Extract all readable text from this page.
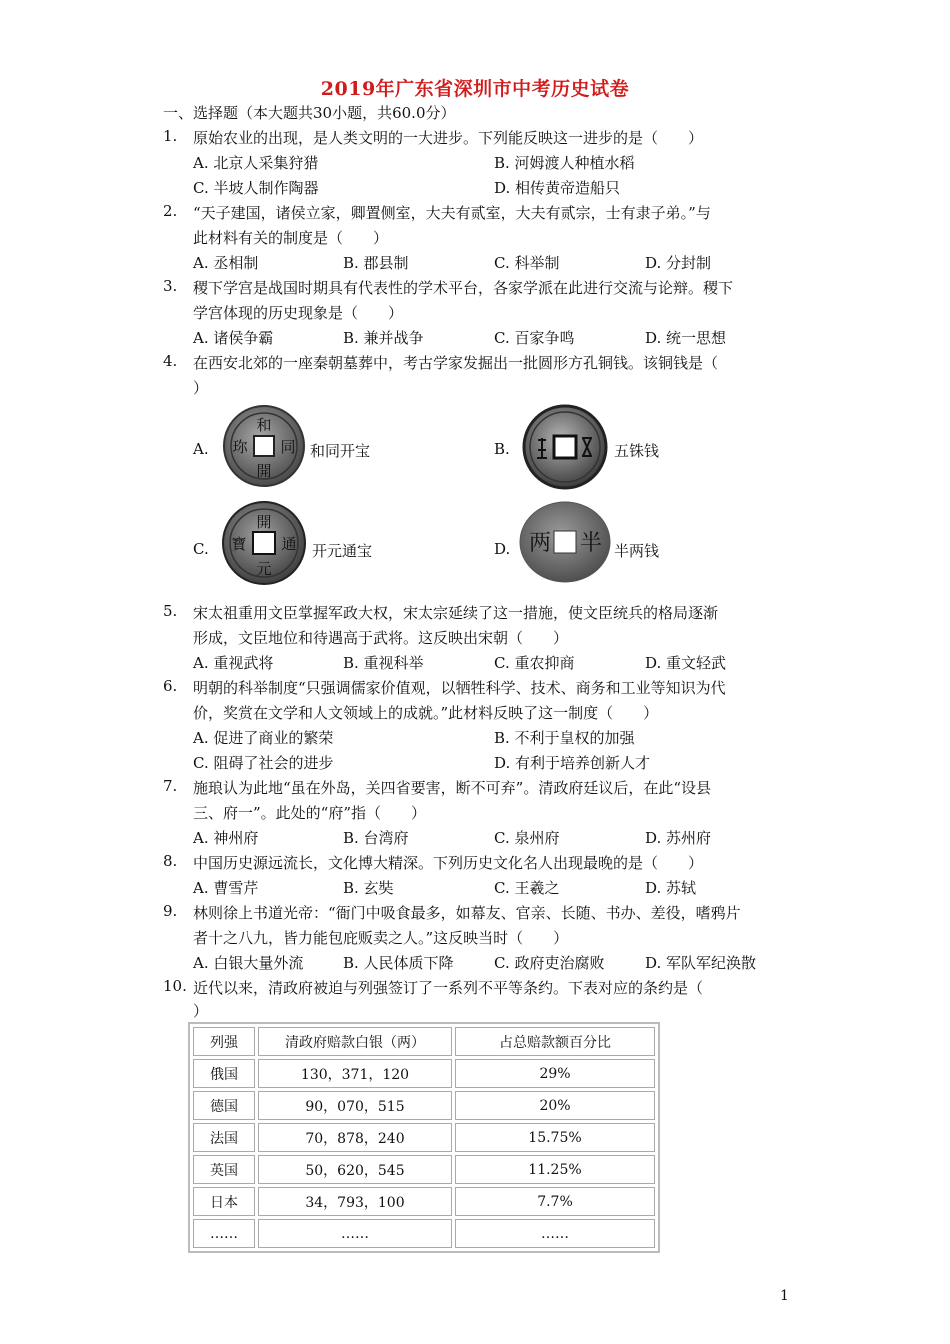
2019年广东省深圳市中考历史试卷
一、选择题（本大题共30小题，共60.0分）
1. 原始农业的出现，是人类文明的一大进步。下列能反映这一进步的是（　　）
A. 北京人采集狩猎	B. 河姆渡人种植水稻
C. 半坡人制作陶器	D. 相传黄帝造船只
2. “天子建国，诸侯立家，卿置侧室，大夫有贰室，大夫有贰宗，士有隶子弟。”与
此材料有关的制度是（　　）
A. 丞相制	B. 郡县制	C. 科举制	D. 分封制
3. 稷下学宫是战国时期具有代表性的学术平台，各家学派在此进行交流与论辩。稷下
学宫体现的历史现象是（　　）
A. 诸侯争霸	B. 兼并战争	C. 百家争鸣	D. 统一思想
4. 在西安北郊的一座秦朝墓葬中，考古学家发掘出一批圆形方孔铜钱。该铜钱是（
）
A.
和
同
開
珎	和同开宝	B.	五铢钱
C.
開
通
元
寶	开元通宝	D. 两 半 半两钱
5. 宋太祖重用文臣掌握军政大权，宋太宗延续了这一措施，使文臣统兵的格局逐渐
形成，文臣地位和待遇高于武将。这反映出宋朝（　　）
A. 重视武将	B. 重视科举	C. 重农抑商	D. 重文轻武
6. 明朝的科举制度“只强调儒家价值观，以牺牲科学、技术、商务和工业等知识为代
价，奖赏在文学和人文领域上的成就。”此材料反映了这一制度（　　）
A. 促进了商业的繁荣	B. 不利于皇权的加强
C. 阻碍了社会的进步	D. 有利于培养创新人才
7. 施琅认为此地“虽在外岛，关四省要害，断不可弃”。清政府廷议后，在此“设县
三、府一”。此处的“府”指（　　）
A. 神州府	B. 台湾府	C. 泉州府	D. 苏州府
8. 中国历史源远流长，文化博大精深。下列历史文化名人出现最晚的是（　　）
A. 曹雪芹	B. 玄奘	C. 王羲之	D. 苏轼
9. 林则徐上书道光帝：“衙门中吸食最多，如幕友、官亲、长随、书办、差役，嗜鸦片
者十之八九，皆力能包庇贩卖之人。”这反映当时（　　）
A. 白银大量外流	B. 人民体质下降	C. 政府吏治腐败	D. 军队军纪涣散
10. 近代以来，清政府被迫与列强签订了一系列不平等条约。下表对应的条约是（
）
列强	清政府赔款白银（两）	占总赔款额百分比
俄国	130，371，120	29%
德国	90，070，515	20%
法国	70，878，240	15.75%
英国	50，620，545	11.25%
日本	34，793，100	7.7%
……	……	……
1
